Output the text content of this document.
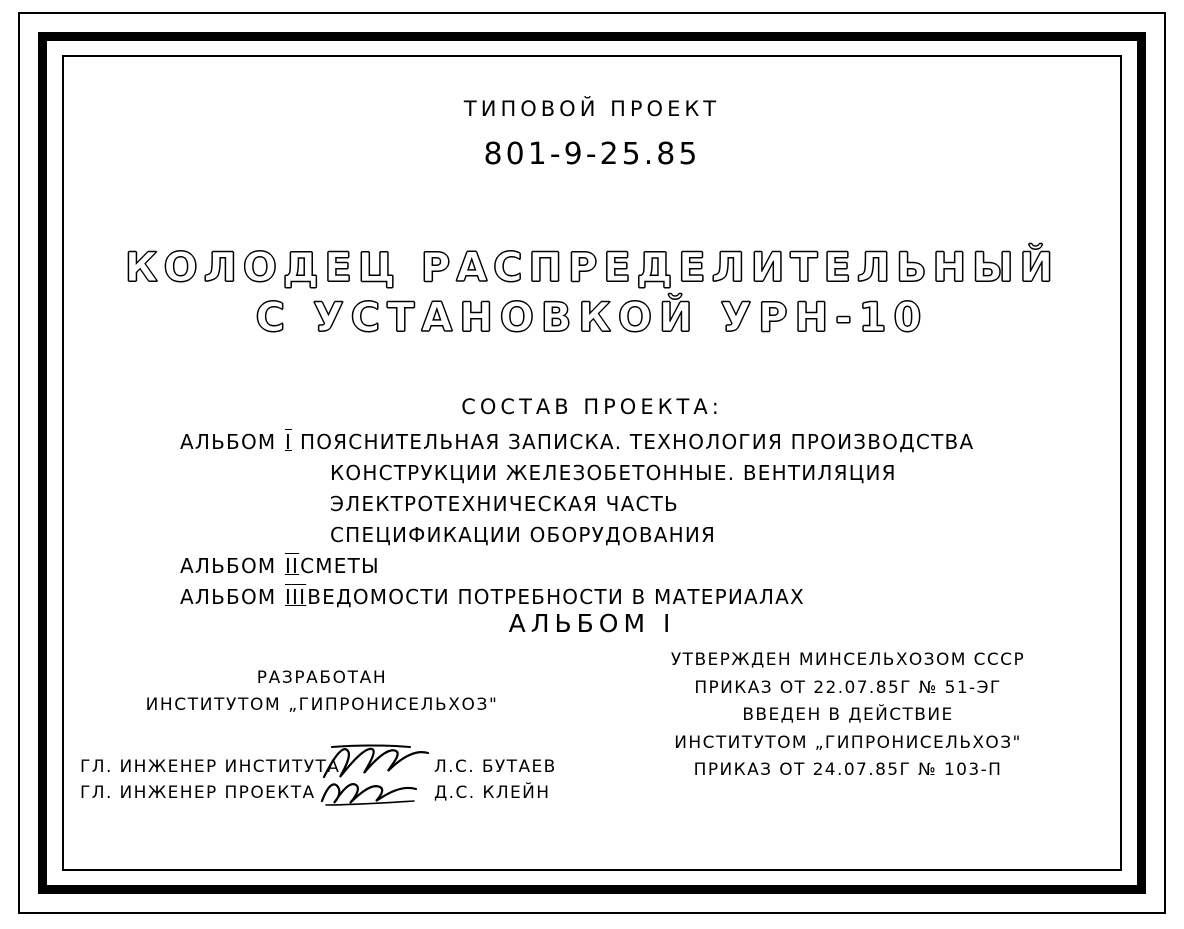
ТИПОВОЙ ПРОЕКТ
801-9-25.85
КОЛОДЕЦ РАСПРЕДЕЛИТЕЛЬНЫЙ
С УСТАНОВКОЙ УРН-10
СОСТАВ ПРОЕКТА:
АЛЬБОМ I ПОЯСНИТЕЛЬНАЯ ЗАПИСКА. ТЕХНОЛОГИЯ ПРОИЗВОДСТВА
КОНСТРУКЦИИ ЖЕЛЕЗОБЕТОННЫЕ. ВЕНТИЛЯЦИЯ
ЭЛЕКТРОТЕХНИЧЕСКАЯ ЧАСТЬ
СПЕЦИФИКАЦИИ ОБОРУДОВАНИЯ
АЛЬБОМ IIСМЕТЫ
АЛЬБОМ IIIВЕДОМОСТИ ПОТРЕБНОСТИ В МАТЕРИАЛАХ
АЛЬБОМ I
РАЗРАБОТАН
ИНСТИТУТОМ „ГИПРОНИСЕЛЬХОЗ"
УТВЕРЖДЕН МИНСЕЛЬХОЗОМ СССР
ПРИКАЗ ОТ 22.07.85Г № 51-ЭГ
ВВЕДЕН В ДЕЙСТВИЕ
ИНСТИТУТОМ „ГИПРОНИСЕЛЬХОЗ"
ПРИКАЗ ОТ 24.07.85Г № 103-П
ГЛ. ИНЖЕНЕР ИНСТИТУТА	Л.С. БУТАЕВ
ГЛ. ИНЖЕНЕР ПРОЕКТА	Д.С. КЛЕЙН
